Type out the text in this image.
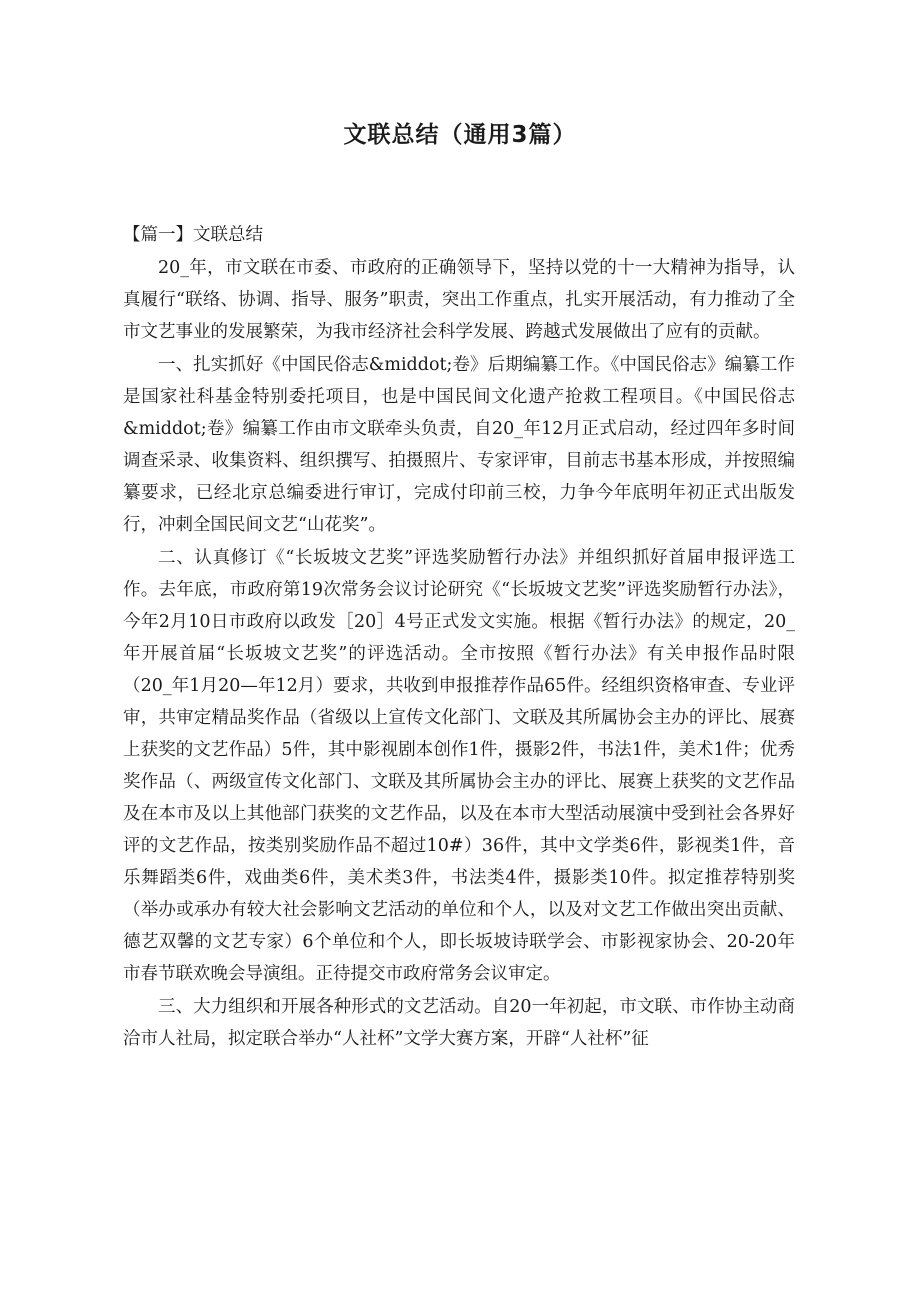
文联总结（通用3篇）

【篇一】文联总结

20_年，市文联在市委、市政府的正确领导下，坚持以党的十一大精神为指导，认真履行“联络、协调、指导、服务”职责，突出工作重点，扎实开展活动，有力推动了全市文艺事业的发展繁荣，为我市经济社会科学发展、跨越式发展做出了应有的贡献。

一、扎实抓好《中国民俗志&middot;卷》后期编纂工作。《中国民俗志》编纂工作是国家社科基金特别委托项目，也是中国民间文化遗产抢救工程项目。《中国民俗志&middot;卷》编纂工作由市文联牵头负责，自20_年12月正式启动，经过四年多时间调查采录、收集资料、组织撰写、拍摄照片、专家评审，目前志书基本形成，并按照编纂要求，已经北京总编委进行审订，完成付印前三校，力争今年底明年初正式出版发行，冲刺全国民间文艺“山花奖”。

二、认真修订《“长坂坡文艺奖”评选奖励暂行办法》并组织抓好首届申报评选工作。去年底，市政府第19次常务会议讨论研究《“长坂坡文艺奖”评选奖励暂行办法》，今年2月10日市政府以政发［20］4号正式发文实施。根据《暂行办法》的规定，20_年开展首届“长坂坡文艺奖”的评选活动。全市按照《暂行办法》有关申报作品时限（20_年1月20—年12月）要求，共收到申报推荐作品65件。经组织资格审查、专业评审，共审定精品奖作品（省级以上宣传文化部门、文联及其所属协会主办的评比、展赛上获奖的文艺作品）5件，其中影视剧本创作1件，摄影2件，书法1件，美术1件；优秀奖作品（、两级宣传文化部门、文联及其所属协会主办的评比、展赛上获奖的文艺作品及在本市及以上其他部门获奖的文艺作品，以及在本市大型活动展演中受到社会各界好评的文艺作品，按类别奖励作品不超过10#）36件，其中文学类6件，影视类1件，音乐舞蹈类6件，戏曲类6件，美术类3件，书法类4件，摄影类10件。拟定推荐特别奖（举办或承办有较大社会影响文艺活动的单位和个人，以及对文艺工作做出突出贡献、德艺双馨的文艺专家）6个单位和个人，即长坂坡诗联学会、市影视家协会、20-20年市春节联欢晚会导演组。正待提交市政府常务会议审定。

三、大力组织和开展各种形式的文艺活动。自20一年初起，市文联、市作协主动商洽市人社局，拟定联合举办“人社杯”文学大赛方案，开辟“人社杯”征
